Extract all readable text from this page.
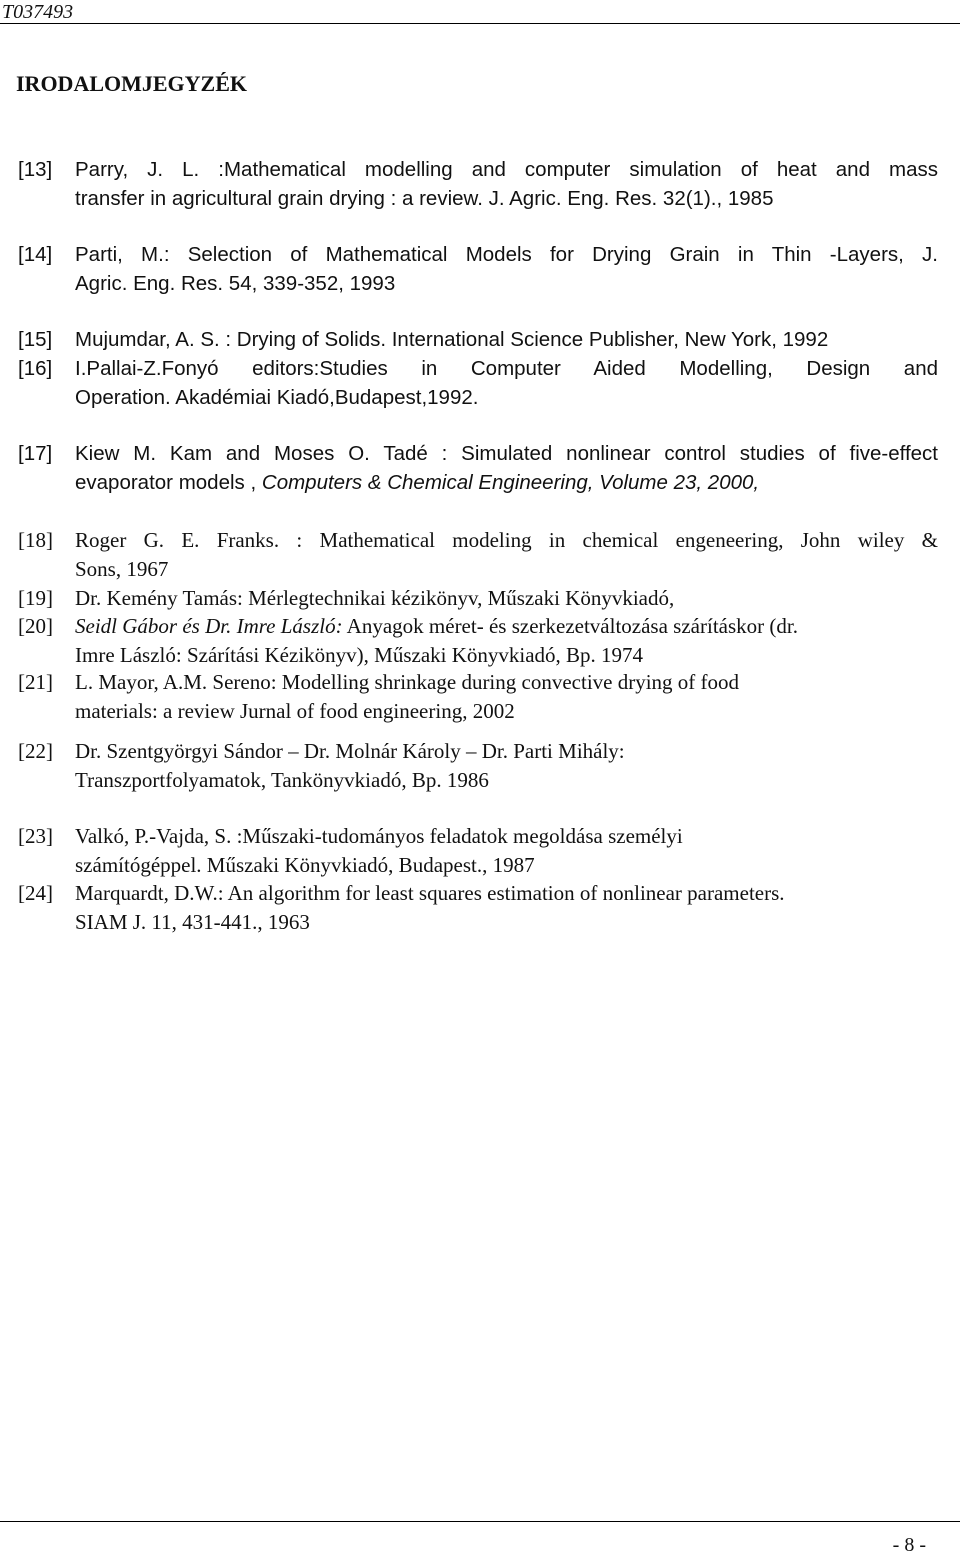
T037493
IRODALOMJEGYZÉK
[13] Parry, J. L. :Mathematical modelling and computer simulation of heat and mass
transfer in agricultural grain drying : a review. J. Agric. Eng. Res. 32(1)., 1985
[14] Parti, M.: Selection of Mathematical Models for Drying Grain in Thin -Layers, J.
Agric. Eng. Res. 54, 339-352, 1993
[15] Mujumdar, A. S. : Drying of Solids. International Science Publisher, New York, 1992
[16] I.Pallai-Z.Fonyó editors:Studies in Computer Aided Modelling, Design and
Operation. Akadémiai Kiadó,Budapest,1992.
[17] Kiew M. Kam and Moses O. Tadé : Simulated nonlinear control studies of five-effect
evaporator models , Computers & Chemical Engineering, Volume 23, 2000,
[18] Roger G. E. Franks. : Mathematical modeling in chemical engeneering, John wiley &
Sons, 1967
[19] Dr. Kemény Tamás: Mérlegtechnikai kézikönyv, Műszaki Könyvkiadó,
[20] Seidl Gábor és Dr. Imre László: Anyagok méret- és szerkezetváltozása szárításkor (dr.
Imre László: Szárítási Kézikönyv), Műszaki Könyvkiadó, Bp. 1974
[21] L. Mayor, A.M. Sereno: Modelling shrinkage during convective drying of food
materials: a review Jurnal of food engineering, 2002
[22] Dr. Szentgyörgyi Sándor – Dr. Molnár Károly – Dr. Parti Mihály:
Transzportfolyamatok, Tankönyvkiadó, Bp. 1986
[23] Valkó, P.-Vajda, S. :Műszaki-tudományos feladatok megoldása személyi
számítógéppel. Műszaki Könyvkiadó, Budapest., 1987
[24] Marquardt, D.W.: An algorithm for least squares estimation of nonlinear parameters.
SIAM J. 11, 431-441., 1963
- 8 -
